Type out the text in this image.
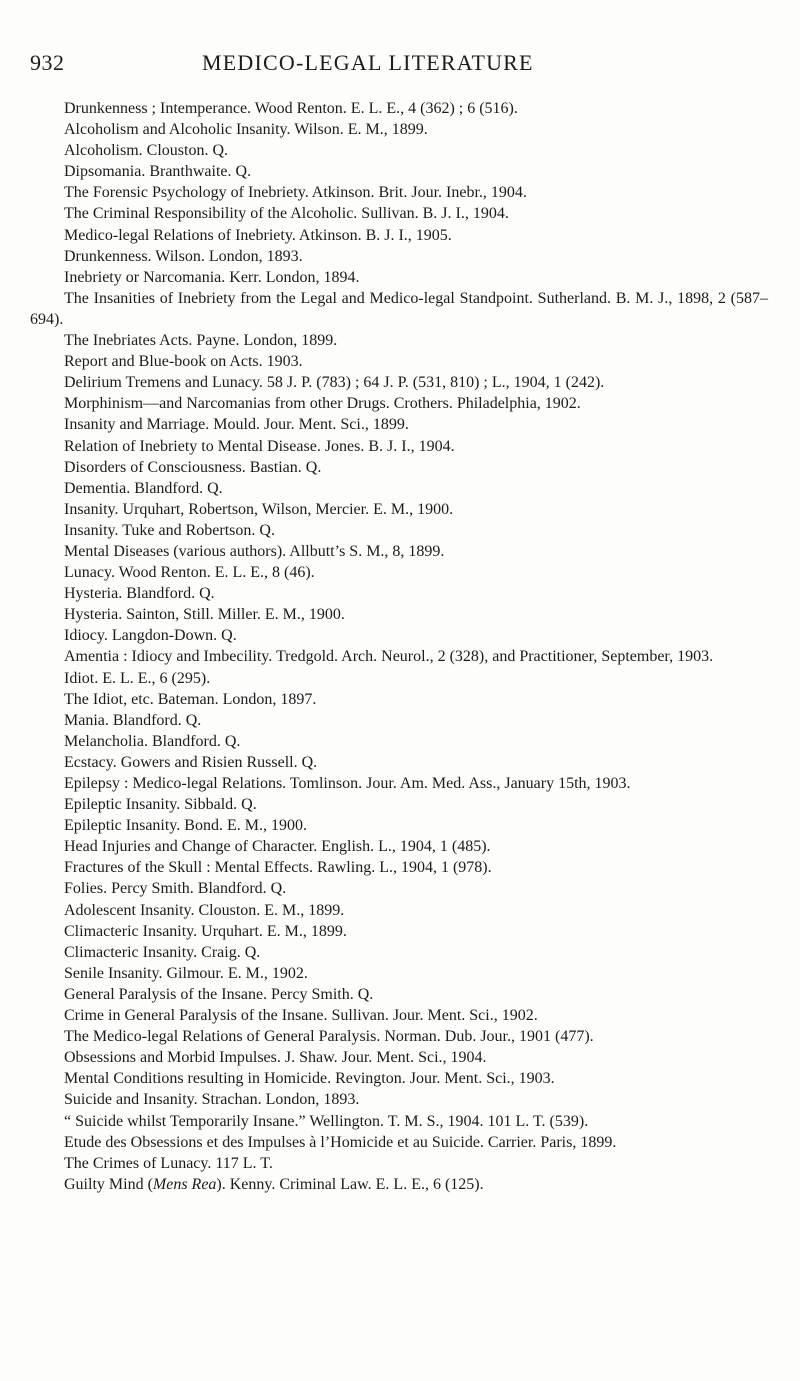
932	MEDICO-LEGAL LITERATURE
Drunkenness ; Intemperance. Wood Renton. E. L. E., 4 (362) ; 6 (516).
Alcoholism and Alcoholic Insanity. Wilson. E. M., 1899.
Alcoholism. Clouston. Q.
Dipsomania. Branthwaite. Q.
The Forensic Psychology of Inebriety. Atkinson. Brit. Jour. Inebr., 1904.
The Criminal Responsibility of the Alcoholic. Sullivan. B. J. I., 1904.
Medico-legal Relations of Inebriety. Atkinson. B. J. I., 1905.
Drunkenness. Wilson. London, 1893.
Inebriety or Narcomania. Kerr. London, 1894.
The Insanities of Inebriety from the Legal and Medico-legal Standpoint. Sutherland. B. M. J., 1898, 2 (587–694).
The Inebriates Acts. Payne. London, 1899.
Report and Blue-book on Acts. 1903.
Delirium Tremens and Lunacy. 58 J. P. (783) ; 64 J. P. (531, 810) ; L., 1904, 1 (242).
Morphinism—and Narcomanias from other Drugs. Crothers. Philadelphia, 1902.
Insanity and Marriage. Mould. Jour. Ment. Sci., 1899.
Relation of Inebriety to Mental Disease. Jones. B. J. I., 1904.
Disorders of Consciousness. Bastian. Q.
Dementia. Blandford. Q.
Insanity. Urquhart, Robertson, Wilson, Mercier. E. M., 1900.
Insanity. Tuke and Robertson. Q.
Mental Diseases (various authors). Allbutt’s S. M., 8, 1899.
Lunacy. Wood Renton. E. L. E., 8 (46).
Hysteria. Blandford. Q.
Hysteria. Sainton, Still. Miller. E. M., 1900.
Idiocy. Langdon-Down. Q.
Amentia : Idiocy and Imbecility. Tredgold. Arch. Neurol., 2 (328), and Practitioner, September, 1903.
Idiot. E. L. E., 6 (295).
The Idiot, etc. Bateman. London, 1897.
Mania. Blandford. Q.
Melancholia. Blandford. Q.
Ecstacy. Gowers and Risien Russell. Q.
Epilepsy : Medico-legal Relations. Tomlinson. Jour. Am. Med. Ass., January 15th, 1903.
Epileptic Insanity. Sibbald. Q.
Epileptic Insanity. Bond. E. M., 1900.
Head Injuries and Change of Character. English. L., 1904, 1 (485).
Fractures of the Skull : Mental Effects. Rawling. L., 1904, 1 (978).
Folies. Percy Smith. Blandford. Q.
Adolescent Insanity. Clouston. E. M., 1899.
Climacteric Insanity. Urquhart. E. M., 1899.
Climacteric Insanity. Craig. Q.
Senile Insanity. Gilmour. E. M., 1902.
General Paralysis of the Insane. Percy Smith. Q.
Crime in General Paralysis of the Insane. Sullivan. Jour. Ment. Sci., 1902.
The Medico-legal Relations of General Paralysis. Norman. Dub. Jour., 1901 (477).
Obsessions and Morbid Impulses. J. Shaw. Jour. Ment. Sci., 1904.
Mental Conditions resulting in Homicide. Revington. Jour. Ment. Sci., 1903.
Suicide and Insanity. Strachan. London, 1893.
“ Suicide whilst Temporarily Insane.” Wellington. T. M. S., 1904. 101 L. T. (539).
Etude des Obsessions et des Impulses à l’Homicide et au Suicide. Carrier. Paris, 1899.
The Crimes of Lunacy. 117 L. T.
Guilty Mind (Mens Rea). Kenny. Criminal Law. E. L. E., 6 (125).
